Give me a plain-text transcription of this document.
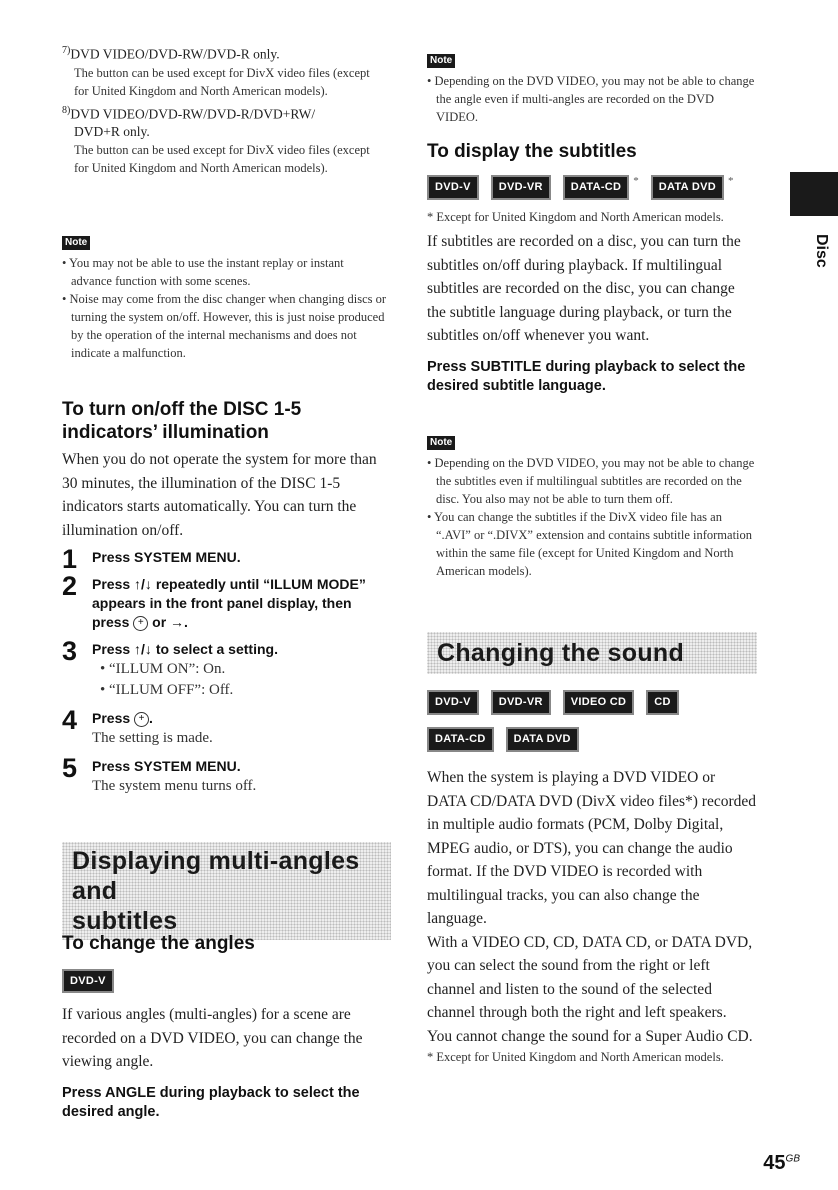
Disc
$^{7)}$DVD VIDEO/DVD-RW/DVD-R only.
The button can be used except for DivX video files (except for United Kingdom and North American models).
$^{8)}$DVD VIDEO/DVD-RW/DVD-R/DVD+RW/
DVD+R only.
The button can be used except for DivX video files (except for United Kingdom and North American models).
Note
• You may not be able to use the instant replay or instant advance function with some scenes.
• Noise may come from the disc changer when changing discs or turning the system on/off. However, this is just noise produced by the operation of the internal mechanisms and does not indicate a malfunction.
To turn on/off the DISC 1-5 indicators’ illumination
When you do not operate the system for more than 30 minutes, the illumination of the DISC 1-5 indicators starts automatically. You can turn the illumination on/off.
1 Press SYSTEM MENU.
2 Press ↑/↓ repeatedly until “ILLUM MODE” appears in the front panel display, then press + or →.
3 Press ↑/↓ to select a setting.
• “ILLUM ON”: On.
• “ILLUM OFF”: Off.
4 Press + .
The setting is made.
5 Press SYSTEM MENU.
The system menu turns off.
Displaying multi-angles and
subtitles
To change the angles
DVD-V
If various angles (multi-angles) for a scene are recorded on a DVD VIDEO, you can change the viewing angle.
Press ANGLE during playback to select the desired angle.
Note
• Depending on the DVD VIDEO, you may not be able to change the angle even if multi-angles are recorded on the DVD VIDEO.
To display the subtitles
DVD-V	DVD-VR	DATA-CD
*
DATA DVD
*
* Except for United Kingdom and North American models.
If subtitles are recorded on a disc, you can turn the subtitles on/off during playback. If multilingual subtitles are recorded on the disc, you can change the subtitle language during playback, or turn the subtitles on/off whenever you want.
Press SUBTITLE during playback to select the desired subtitle language.
Note
• Depending on the DVD VIDEO, you may not be able to change the subtitles even if multilingual subtitles are recorded on the disc. You also may not be able to turn them off.
• You can change the subtitles if the DivX video file has an “.AVI” or “.DIVX” extension and contains subtitle information within the same file (except for United Kingdom and North American models).
Changing the sound
DVD-V	DVD-VR	VIDEO CD	CD
DATA-CD	DATA DVD
When the system is playing a DVD VIDEO or DATA CD/DATA DVD (DivX video files*) recorded in multiple audio formats (PCM, Dolby Digital, MPEG audio, or DTS), you can change the audio format. If the DVD VIDEO is recorded with multilingual tracks, you can also change the language.
With a VIDEO CD, CD, DATA CD, or DATA DVD, you can select the sound from the right or left channel and listen to the sound of the selected channel through both the right and left speakers.
You cannot change the sound for a Super Audio CD.
* Except for United Kingdom and North American models.
$45^{GB}$
